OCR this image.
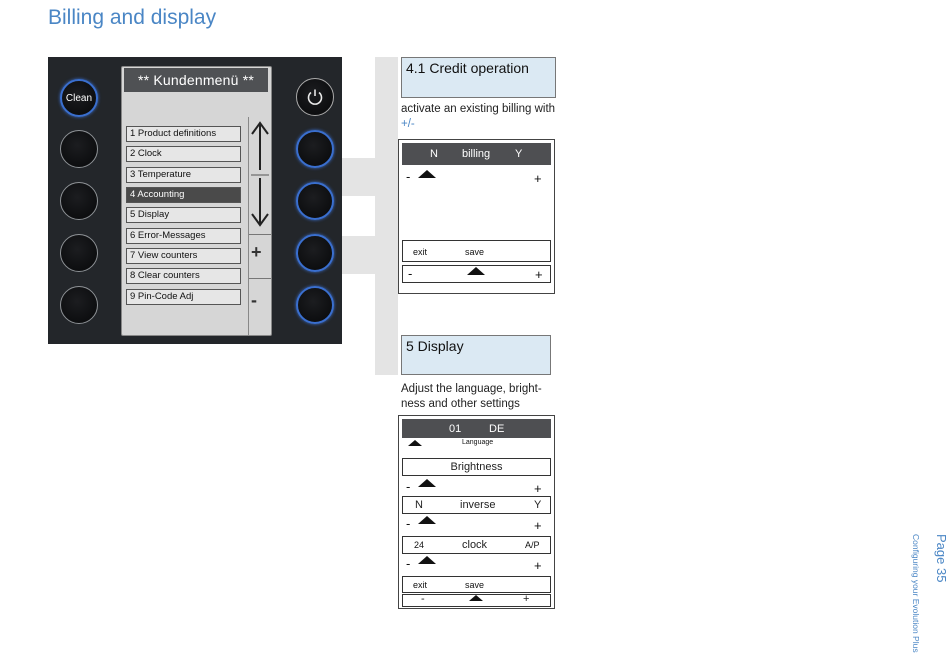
Billing and display
Clean
** Kundenmenü **
1 Product definitions
2 Clock
3 Temperature
4 Accounting
5 Display
6 Error-Messages
7 View counters
8 Clear counters
9 Pin-Code Adj
+
-
4.1 Credit operation
activate an existing billing with
+/-
N billing Y
-	+
exit	save
-	+
5 Display
Adjust the language, bright-
ness and other settings
01	DE
Language
Brightness
-	+
N	inverse	Y
-	+
24	clock	A/P
-	+
exit	save
-	+
Page 35
Configuring your Evolution Plus
